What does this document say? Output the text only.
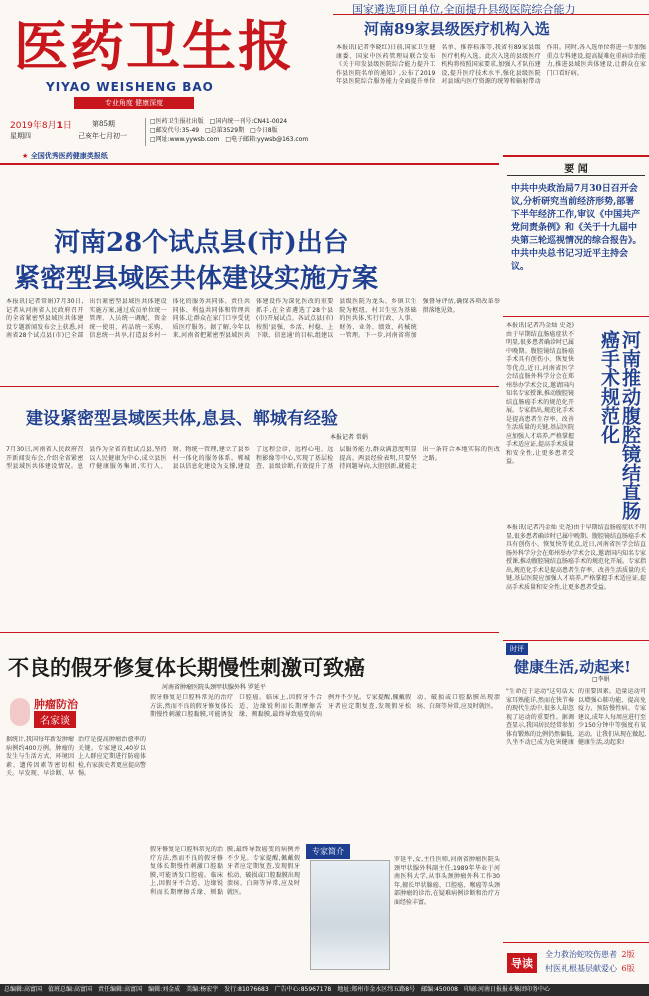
医药卫生报
YIYAO WEISHENG BAO
专业角度 健康深度
2019年8月1日
星期四
第85期
己亥年七月初一
□医药卫生报社出版　□国内统一刊号:CN41-0024
□邮发代号:35-49　□总第3529期　□今日8版
□网址:www.yywsb.com　□电子邮箱:yywsb@163.com
★ 全国优秀医药健康类报纸
国家遴选项目单位,全面提升县级医院综合能力
河南89家县级医疗机构入选
本报讯(记者李晓红)日前,国家卫生健康委、国家中医药管理局联合发布《关于印发县级医院综合能力提升工作县医院名单的通知》,公布了2019年县医院综合服务能力全面提升单位名单、推荐标准等,我省有89家县级医疗机构入选。此次入选的县级医疗机构将按照国家要求,加强人才队伍建设,提升医疗技术水平,强化县级医院对县域内医疗资源的统筹和辐射带动作用。同时,各入选单位将进一步加强重点专科建设,提高疑难危重病诊治能力,推进县域医共体建设,让群众在家门口看好病。
河南28个试点县(市)出台
紧密型县域医共体建设实施方案
本报讯(记者常娟)7月30日,记者从河南省人民政府召开的全省紧密型县域医共体建设专题新闻发布会上获悉,河南省28个试点县(市)已全部出台紧密型县域医共体建设实施方案,通过成员单位统一管理、人员统一调配、资金统一使用、药品统一采购、信息统一共享,打造县乡村一体化的服务共同体、责任共同体、利益共同体和管理共同体,让群众在家门口享受优质医疗服务。据了解,今年以来,河南省把紧密型县域医共体建设作为深化医改的重要抓手,在全省遴选了28个县(市)开展试点。各试点县(市)按照'县强、乡活、村稳、上下联、信息通'的目标,组建以县级医院为龙头、乡镇卫生院为枢纽、村卫生室为基础的医共体,实行行政、人事、财务、业务、绩效、药械统一管理。下一步,河南省将加强督导评估,确保各项改革举措落地见效。
要 闻
中共中央政治局7月30日召开会议,分析研究当前经济形势,部署下半年经济工作,审议《中国共产党问责条例》和《关于十九届中央第三轮巡视情况的综合报告》。中共中央总书记习近平主持会议。
本报讯(记者冯金灿 史尧)由于早期结直肠癌症状不明显,很多患者确诊时已属中晚期。腹腔镜结直肠癌手术具有创伤小、恢复快等优点,近日,河南省医学会结直肠外科学分会在郑州举办学术会议,邀请国内知名专家授课,推动腹腔镜结直肠癌手术的规范化开展。专家指出,规范化手术是提高患者生存率、改善生活质量的关键,基层医院应加强人才培养,严格掌握手术适应证,提高手术质量和安全性,让更多患者受益。	河南推动腹腔镜结直肠癌手术规范化
本报讯(记者冯金灿 史尧)由于早期结直肠癌症状不明显,很多患者确诊时已属中晚期。腹腔镜结直肠癌手术具有创伤小、恢复快等优点,近日,河南省医学会结直肠外科学分会在郑州举办学术会议,邀请国内知名专家授课,推动腹腔镜结直肠癌手术的规范化开展。专家指出,规范化手术是提高患者生存率、改善生活质量的关键,基层医院应加强人才培养,严格掌握手术适应证,提高手术质量和安全性,让更多患者受益。
建设紧密型县域医共体,息县、郸城有经验
本报记者 常娟
7月30日,河南省人民政府召开新闻发布会,介绍全省紧密型县域医共体建设情况。息县作为全省首批试点县,坚持以人民健康为中心,成立县医疗健康服务集团,实行人、财、物统一管理,建立了县乡村一体化的服务体系。郸城县以信息化建设为支撑,建设了远程会诊、远程心电、远程影像等中心,实现了基层检查、县级诊断,有效提升了基层服务能力,群众满意度明显提高。两县经验表明,只要坚持问题导向,大胆创新,就能走出一条符合本地实际的医改之路。
时评
健康生活,动起来!
□李娟
"生命在于运动"这句话大家耳熟能详,然而在快节奏的现代生活中,很多人却忽视了运动的重要性。据调查显示,我国居民经常参加体育锻炼的比例仍然偏低,久坐不动已成为危害健康的重要因素。适量运动可以增强心肺功能、提高免疫力、预防慢性病。专家建议,成年人每周应进行至少150分钟中等强度有氧运动。让我们从现在做起,健康生活,动起来!
不良的假牙修复体长期慢性刺激可致癌
河南省肿瘤医院头颈甲状腺外科 罗延平
假牙修复是口腔科常见的治疗方法,然而不良的假牙修复体长期慢性刺激口腔黏膜,可能诱发口腔癌。临床上,因假牙不合适、边缘锐利而长期摩擦舌缘、颊黏膜,最终导致癌变的病例并不少见。专家提醒,佩戴假牙者应定期复查,发现假牙松动、破损或口腔黏膜出现溃疡、白斑等异常,应及时就医。
肿瘤防治
名家谈
据统计,我国每年新发肿瘤病例约400万例。肿瘤的发生与生活方式、环境因素、遗传因素等密切相关。早发现、早诊断、早治疗是提高肿瘤治愈率的关键。专家建议,40岁以上人群应定期进行防癌体检,有家族史者更应提高警惕。
专家简介
罗延平,女,主任医师,河南省肿瘤医院头颈甲状腺外科副主任,1989年毕业于河南医科大学,从事头颈肿瘤外科工作30年,擅长甲状腺癌、口腔癌、喉癌等头颈部肿瘤的诊治,在疑难病例诊断和治疗方面经验丰富。
假牙修复是口腔科常见的治疗方法,然而不良的假牙修复体长期慢性刺激口腔黏膜,可能诱发口腔癌。临床上,因假牙不合适、边缘锐利而长期摩擦舌缘、颊黏膜,最终导致癌变的病例并不少见。专家提醒,佩戴假牙者应定期复查,发现假牙松动、破损或口腔黏膜出现溃疡、白斑等异常,应及时就医。
导读
全力救治蛇咬伤患者 2版
村医礼根基层献爱心 6版
总编辑:高富国　值班总编:高富国　责任编辑:高富国　编辑:刘金成　美编:杨宏宇　发行:81076683　广告中心:85967178　地址:郑州市金水区纬五路8号　邮编:450008　印刷:河南日报报业集团印务中心
